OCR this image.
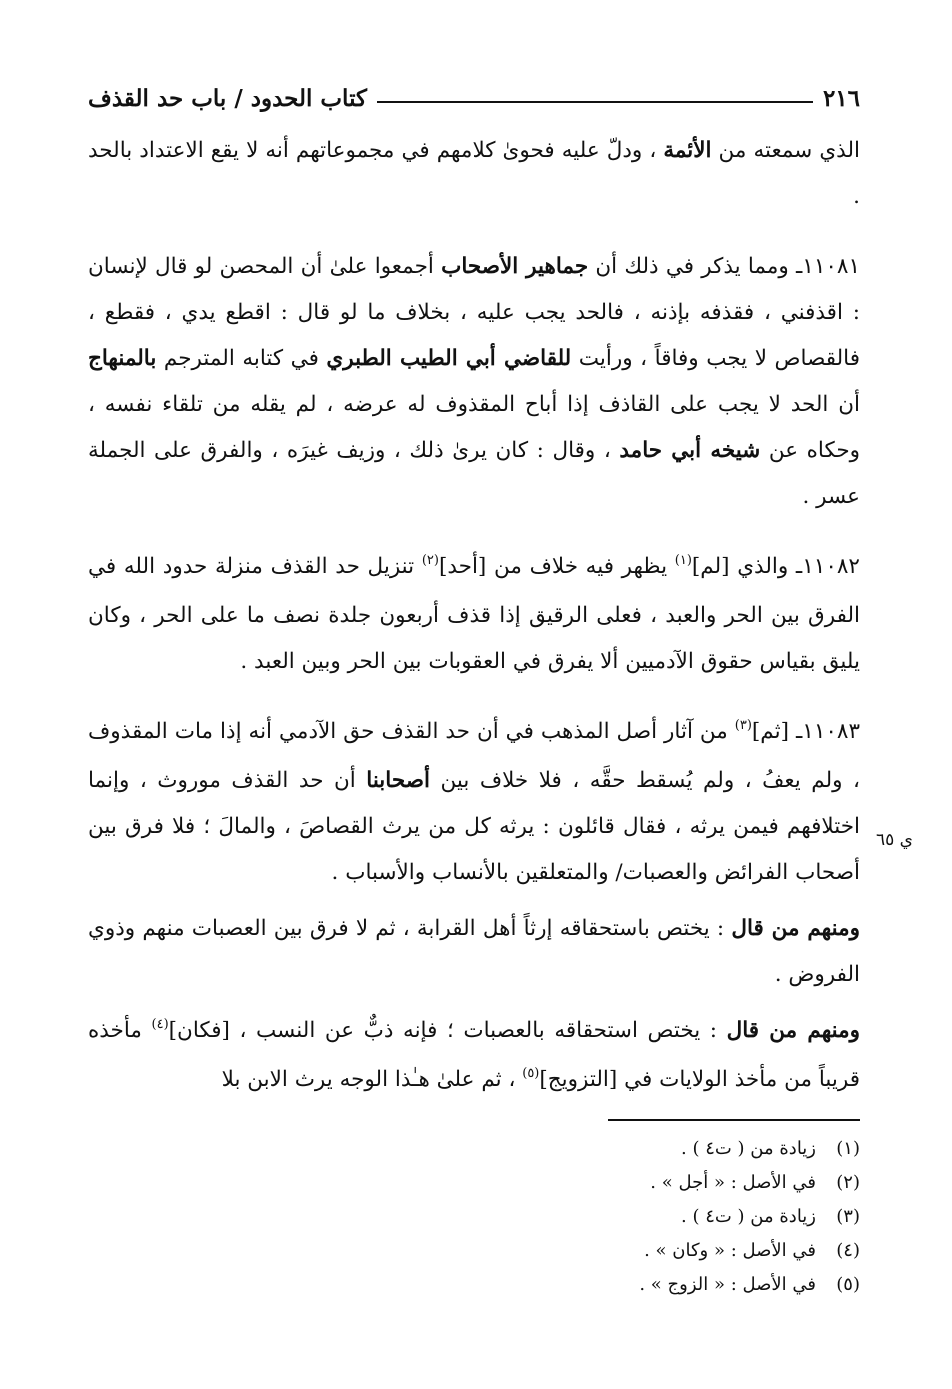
٢١٦
كتاب الحدود / باب حد القذف

الذي سمعته من الأئمة ، ودلّ عليه فحوىٰ كلامهم في مجموعاتهم أنه لا يقع الاعتداد بالحد .

١١٠٨١ـ ومما يذكر في ذلك أن جماهير الأصحاب أجمعوا علىٰ أن المحصن لو قال لإنسان : اقذفني ، فقذفه بإذنه ، فالحد يجب عليه ، بخلاف ما لو قال : اقطع يدي ، فقطع ، فالقصاص لا يجب وفاقاً ، ورأيت للقاضي أبي الطيب الطبري في كتابه المترجم بالمنهاج أن الحد لا يجب على القاذف إذا أباح المقذوف له عرضه ، لم يقله من تلقاء نفسه ، وحكاه عن شيخه أبي حامد ، وقال : كان يرىٰ ذلك ، وزيف غيرَه ، والفرق على الجملة عسر .

١١٠٨٢ـ والذي [لم]$^{(١)}$ يظهر فيه خلاف من [أحد]$^{(٢)}$ تنزيل حد القذف منزلة حدود الله في الفرق بين الحر والعبد ، فعلى الرقيق إذا قذف أربعون جلدة نصف ما على الحر ، وكان يليق بقياس حقوق الآدميين ألا يفرق في العقوبات بين الحر وبين العبد .

١١٠٨٣ـ [ثم]$^{(٣)}$ من آثار أصل المذهب في أن حد القذف حق الآدمي أنه إذا مات المقذوف ، ولم يعفُ ، ولم يُسقط حقَّه ، فلا خلاف بين أصحابنا أن حد القذف موروث ، وإنما اختلافهم فيمن يرثه ، فقال قائلون : يرثه كل من يرث القصاصَ ، والمالَ ؛ فلا فرق بين أصحاب الفرائض والعصبات/ والمتعلقين بالأنساب والأسباب .

ومنهم من قال : يختص باستحقاقه إرثاً أهل القرابة ، ثم لا فرق بين العصبات منهم وذوي الفروض .

ومنهم من قال : يختص استحقاقه بالعصبات ؛ فإنه ذبٌّ عن النسب ، [فكان]$^{(٤)}$ مأخذه قريباً من مأخذ الولايات في [التزويج]$^{(٥)}$ ، ثم علىٰ هـٰذا الوجه يرث الابن بلا

ي ٦٥
(١)
زيادة من ( ت٤ ) .
(٢)
في الأصل : « أجل » .
(٣)
زيادة من ( ت٤ ) .
(٤)
في الأصل : « وكان » .
(٥)
في الأصل : « الزوج » .
